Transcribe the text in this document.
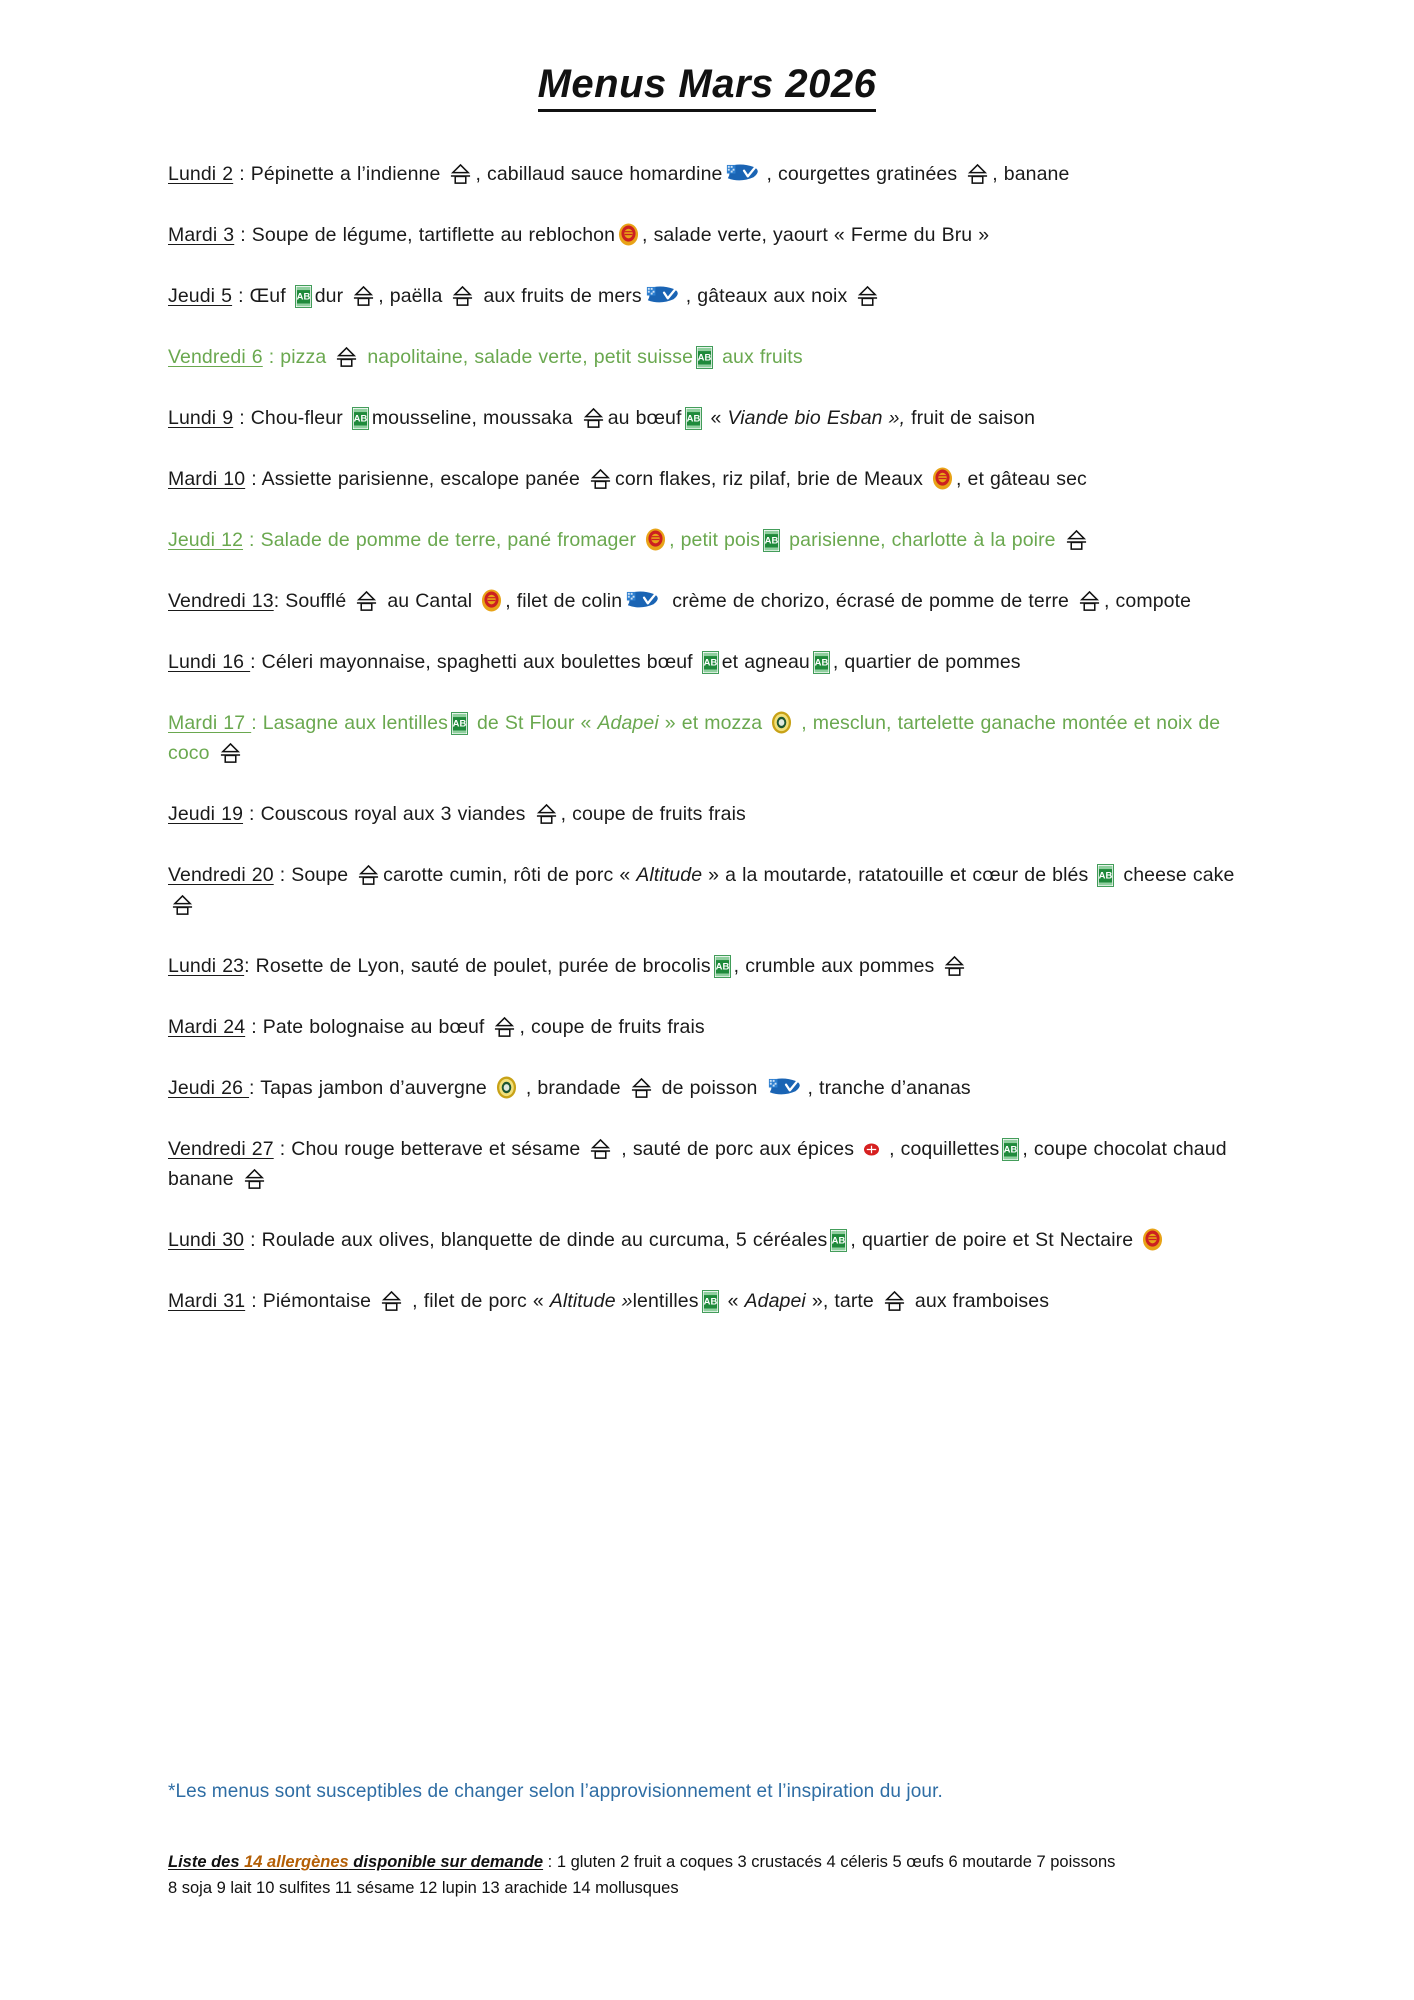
Menus Mars 2026

Lundi 2 : Pépinette a l’indienne , cabillaud sauce homardine , courgettes gratinées , banane

Mardi 3 : Soupe de légume, tartiflette au reblochon , salade verte, yaourt « Ferme du Bru »

Jeudi 5 : Œuf AB dur , paëlla  aux fruits de mers , gâteaux aux noix

Vendredi 6 : pizza  napolitaine, salade verte, petit suisse AB aux fruits

Lundi 9 : Chou-fleur AB mousseline, moussaka au bœuf AB « Viande bio Esban », fruit de saison

Mardi 10 : Assiette parisienne, escalope panée corn flakes, riz pilaf, brie de Meaux , et gâteau sec

Jeudi 12 : Salade de pomme de terre, pané fromager , petit pois AB parisienne, charlotte à la poire

Vendredi 13: Soufflé  au Cantal , filet de colin crème de chorizo, écrasé de pomme de terre , compote

Lundi 16 : Céleri mayonnaise, spaghetti aux boulettes bœuf AB et agneau AB , quartier de pommes

Mardi 17 : Lasagne aux lentilles AB de St Flour « Adapei » et mozza  , mesclun, tartelette ganache montée et noix de coco

Jeudi 19 : Couscous royal aux 3 viandes , coupe de fruits frais

Vendredi 20 : Soupe carotte cumin, rôti de porc « Altitude » a la moutarde, ratatouille et cœur de blés AB cheese cake

Lundi 23: Rosette de Lyon, sauté de poulet, purée de brocolis AB , crumble aux pommes

Mardi 24 : Pate bolognaise au bœuf , coupe de fruits frais

Jeudi 26 : Tapas jambon d’auvergne  , brandade  de poisson , tranche d’ananas

Vendredi 27 : Chou rouge betterave et sésame  , sauté de porc aux épices  , coquillettes AB , coupe chocolat chaud banane

Lundi 30 : Roulade aux olives, blanquette de dinde au curcuma, 5 céréales AB , quartier de poire et St Nectaire

Mardi 31 : Piémontaise  , filet de porc « Altitude »lentilles AB « Adapei », tarte  aux framboises

*Les menus sont susceptibles de changer selon l’approvisionnement et l’inspiration du jour.
Liste des 14 allergènes disponible sur demande : 1 gluten 2 fruit a coques 3 crustacés 4 céleris 5 œufs 6 moutarde 7 poissons
8 soja 9 lait 10 sulfites 11 sésame 12 lupin 13 arachide 14 mollusques
